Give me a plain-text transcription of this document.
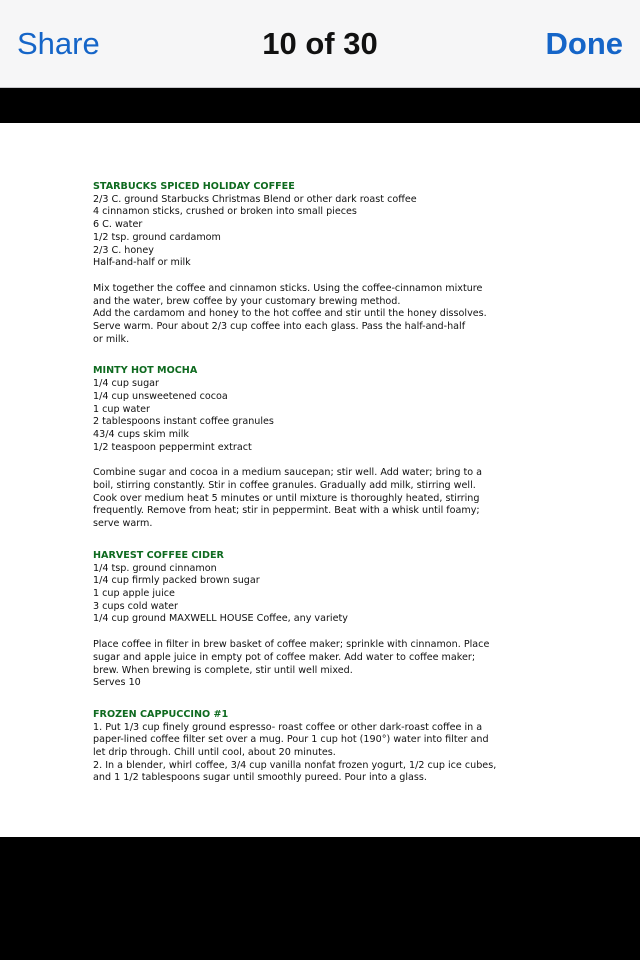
Share	10 of 30	Done
STARBUCKS SPICED HOLIDAY COFFEE
2/3 C. ground Starbucks Christmas Blend or other dark roast coffee
4 cinnamon sticks, crushed or broken into small pieces
6 C. water
1/2 tsp. ground cardamom
2/3 C. honey
Half-and-half or milk
Mix together the coffee and cinnamon sticks. Using the coffee-cinnamon mixture
and the water, brew coffee by your customary brewing method.
Add the cardamom and honey to the hot coffee and stir until the honey dissolves.
Serve warm. Pour about 2/3 cup coffee into each glass. Pass the half-and-half
or milk.
MINTY HOT MOCHA
1/4 cup sugar
1/4 cup unsweetened cocoa
1 cup water
2 tablespoons instant coffee granules
43/4 cups skim milk
1/2 teaspoon peppermint extract
Combine sugar and cocoa in a medium saucepan; stir well. Add water; bring to a
boil, stirring constantly. Stir in coffee granules. Gradually add milk, stirring well.
Cook over medium heat 5 minutes or until mixture is thoroughly heated, stirring
frequently. Remove from heat; stir in peppermint. Beat with a whisk until foamy;
serve warm.
HARVEST COFFEE CIDER
1/4 tsp. ground cinnamon
1/4 cup firmly packed brown sugar
1 cup apple juice
3 cups cold water
1/4 cup ground MAXWELL HOUSE Coffee, any variety
Place coffee in filter in brew basket of coffee maker; sprinkle with cinnamon. Place
sugar and apple juice in empty pot of coffee maker. Add water to coffee maker;
brew. When brewing is complete, stir until well mixed.
Serves 10
FROZEN CAPPUCCINO #1
1. Put 1/3 cup finely ground espresso- roast coffee or other dark-roast coffee in a
paper-lined coffee filter set over a mug. Pour 1 cup hot (190°) water into filter and
let drip through. Chill until cool, about 20 minutes.
2. In a blender, whirl coffee, 3/4 cup vanilla nonfat frozen yogurt, 1/2 cup ice cubes,
and 1 1/2 tablespoons sugar until smoothly pureed. Pour into a glass.
